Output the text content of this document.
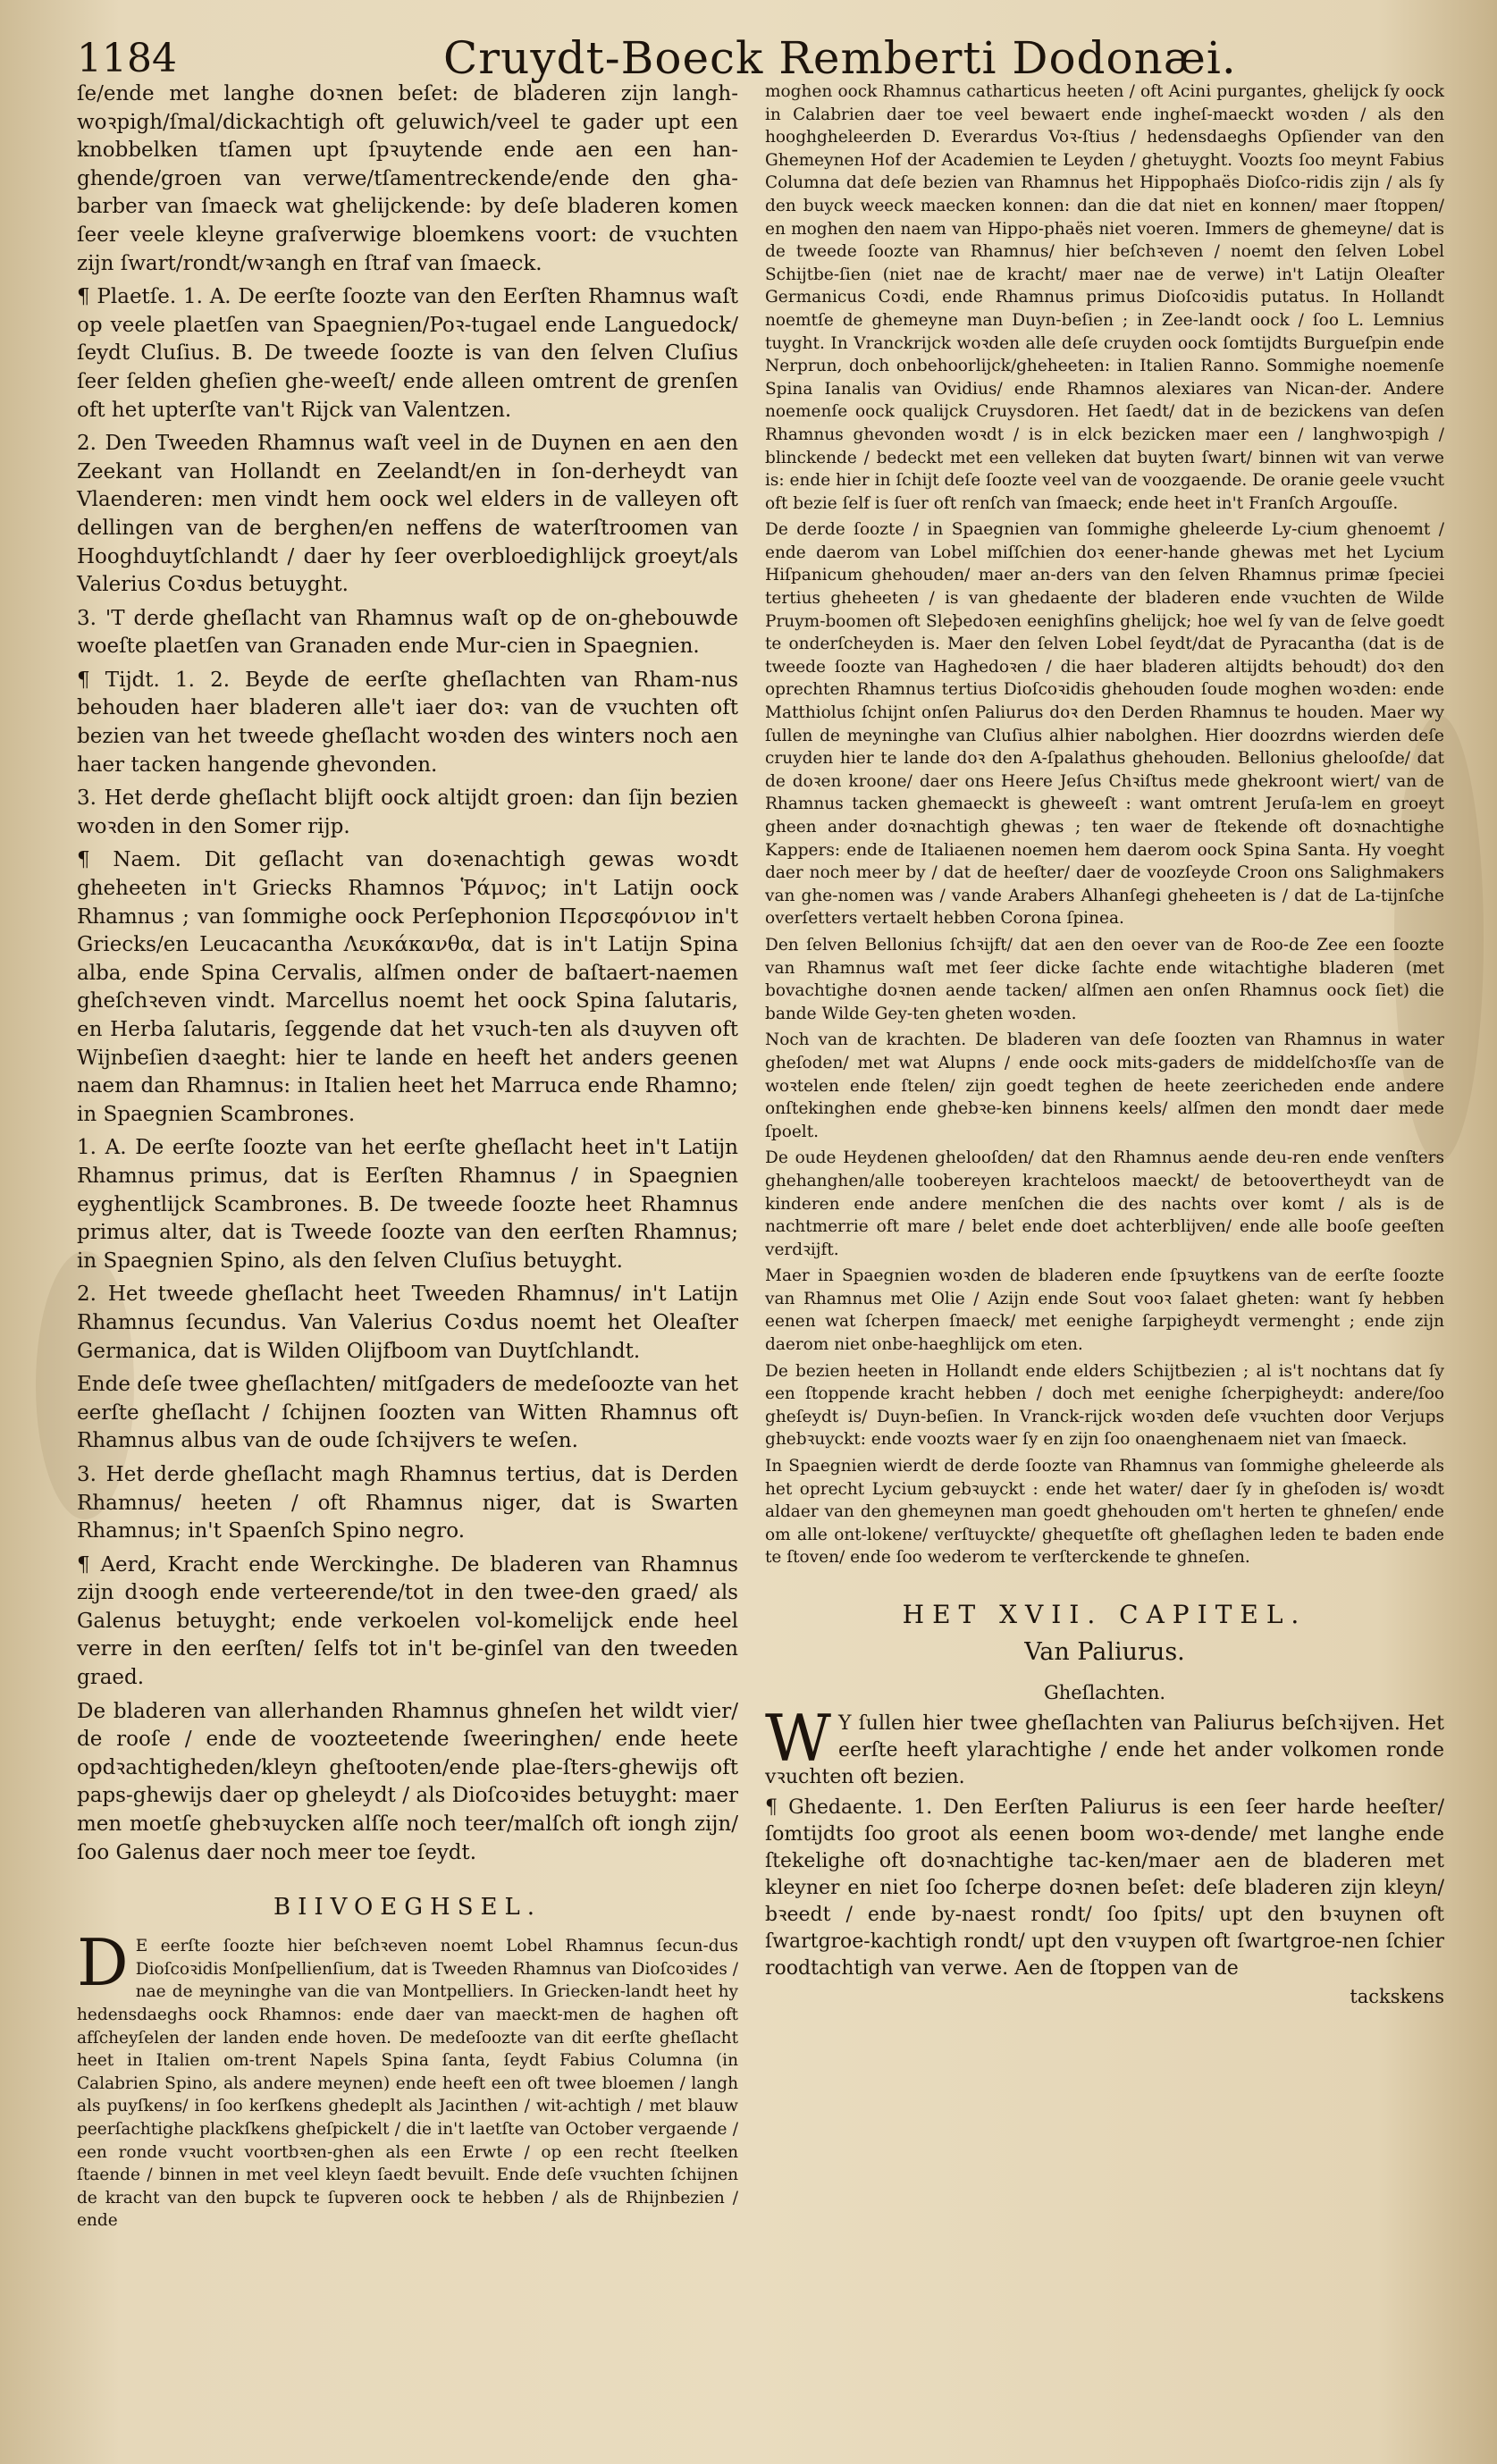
1184	Cruydt-Boeck Remberti Dodonæi.

ſe/ende met langhe doꝛnen beſet: de bladeren zijn langh-woꝛpigh/ſmal/dickachtigh oft geluwich/veel te gader upt een knobbelken tſamen upt ſpꝛuytende ende aen een han-ghende/groen van verwe/tſamentreckende/ende den gha-barber van ſmaeck wat ghelijckende: by deſe bladeren komen ſeer veele kleyne graſverwige bloemkens voort: de vꝛuchten zijn ſwart/rondt/wꝛangh en ſtraf van ſmaeck.

¶ Plaetſe. 1. A. De eerſte ſoozte van den Eerſten Rhamnus waſt op veele plaetſen van Spaegnien/Poꝛ-tugael ende Languedock/ſeydt Cluſius. B. De tweede ſoozte is van den ſelven Cluſius ſeer ſelden gheſien ghe-weeſt/ ende alleen omtrent de grenſen oft het upterſte van't Rijck van Valentzen.

2. Den Tweeden Rhamnus waſt veel in de Duynen en aen den Zeekant van Hollandt en Zeelandt/en in ſon-derheydt van Vlaenderen: men vindt hem oock wel elders in de valleyen oft dellingen van de berghen/en neffens de waterſtroomen van Hooghduytſchlandt / daer hy ſeer overbloedighlijck groeyt/als Valerius Coꝛdus betuyght.

3. 'T derde gheſlacht van Rhamnus waſt op de on-ghebouwde woeſte plaetſen van Granaden ende Mur-cien in Spaegnien.

¶ Tijdt. 1. 2. Beyde de eerſte gheſlachten van Rham-nus behouden haer bladeren alle't iaer doꝛ: van de vꝛuchten oft bezien van het tweede gheſlacht woꝛden des winters noch aen haer tacken hangende ghevonden.

3. Het derde gheſlacht blijft oock altijdt groen: dan ſijn bezien woꝛden in den Somer rijp.

¶ Naem. Dit geſlacht van doꝛenachtigh gewas woꝛdt gheheeten in't Griecks Rhamnos Ῥάμνος; in't Latijn oock Rhamnus ; van ſommighe oock Perſephonion Περσεφόνιον in't Griecks/en Leucacantha Λευκάκανθα, dat is in't Latijn Spina alba, ende Spina Cervalis, alſmen onder de baſtaert-naemen gheſchꝛeven vindt. Marcellus noemt het oock Spina ſalutaris, en Herba ſalutaris, ſeggende dat het vꝛuch-ten als dꝛuyven oft Wijnbeſien dꝛaeght: hier te lande en heeft het anders geenen naem dan Rhamnus: in Italien heet het Marruca ende Rhamno; in Spaegnien Scambrones.

1. A. De eerſte ſoozte van het eerſte gheſlacht heet in't Latijn Rhamnus primus, dat is Eerſten Rhamnus / in Spaegnien eyghentlijck Scambrones. B. De tweede ſoozte heet Rhamnus primus alter, dat is Tweede ſoozte van den eerſten Rhamnus; in Spaegnien Spino, als den ſelven Cluſius betuyght.

2. Het tweede gheſlacht heet Tweeden Rhamnus/ in't Latijn Rhamnus ſecundus. Van Valerius Coꝛdus noemt het Oleaſter Germanica, dat is Wilden Olijfboom van Duytſchlandt.

Ende deſe twee gheſlachten/ mitſgaders de medeſoozte van het eerſte gheſlacht / ſchijnen ſoozten van Witten Rhamnus oft Rhamnus albus van de oude ſchꝛijvers te weſen.

3. Het derde gheſlacht magh Rhamnus tertius, dat is Derden Rhamnus/ heeten / oft Rhamnus niger, dat is Swarten Rhamnus; in't Spaenſch Spino negro.

¶ Aerd, Kracht ende Werckinghe. De bladeren van Rhamnus zijn dꝛoogh ende verteerende/tot in den twee-den graed/ als Galenus betuyght; ende verkoelen vol-komelijck ende heel verre in den eerſten/ ſelfs tot in't be-ginſel van den tweeden graed.

De bladeren van allerhanden Rhamnus ghneſen het wildt vier/ de rooſe / ende de voozteetende ſweeringhen/ ende heete opdꝛachtigheden/kleyn gheſtooten/ende plae-ſters-ghewijs oft paps-ghewijs daer op gheleydt / als Dioſcoꝛides betuyght: maer men moetſe ghebꝛuycken alſſe noch teer/malſch oft iongh zijn/ ſoo Galenus daer noch meer toe ſeydt.

BIIVOEGHSEL.

D E eerſte ſoozte hier beſchꝛeven noemt Lobel Rhamnus ſecun-dus Dioſcoꝛidis Monſpellienſium, dat is Tweeden Rhamnus van Dioſcoꝛides / nae de meyninghe van die van Montpelliers. In Griecken-landt heet hy hedensdaeghs oock Rhamnos: ende daer van maeckt-men de haghen oft afſcheyſelen der landen ende hoven. De medeſoozte van dit eerſte gheſlacht heet in Italien om-trent Napels Spina ſanta, ſeydt Fabius Columna (in Calabrien Spino, als andere meynen) ende heeft een oft twee bloemen / langh als puyſkens/ in ſoo kerſkens ghedeplt als Jacinthen / wit-achtigh / met blauw peerſachtighe plackſkens gheſpickelt / die in't laetſte van October vergaende / een ronde vꝛucht voortbꝛen-ghen als een Erwte / op een recht ſteelken ſtaende / binnen in met veel kleyn ſaedt bevuilt. Ende deſe vꝛuchten ſchijnen de kracht van den bupck te ſupveren oock te hebben / als de Rhijnbezien / ende

moghen oock Rhamnus catharticus heeten / oft Acini purgantes, ghelijck ſy oock in Calabrien daer toe veel bewaert ende ingheſ-maeckt woꝛden / als den hooghgheleerden D. Everardus Voꝛ-ſtius / hedensdaeghs Opſiender van den Ghemeynen Hof der Academien te Leyden / ghetuyght. Voozts ſoo meynt Fabius Columna dat deſe bezien van Rhamnus het Hippophaës Dioſco-ridis zijn / als ſy den buyck weeck maecken konnen: dan die dat niet en konnen/ maer ſtoppen/ en moghen den naem van Hippo-phaës niet voeren. Immers de ghemeyne/ dat is de tweede ſoozte van Rhamnus/ hier beſchꝛeven / noemt den ſelven Lobel Schijtbe-ſien (niet nae de kracht/ maer nae de verwe) in't Latijn Oleaſter Germanicus Coꝛdi, ende Rhamnus primus Dioſcoꝛidis putatus. In Hollandt noemtſe de ghemeyne man Duyn-beſien ; in Zee-landt oock / ſoo L. Lemnius tuyght. In Vranckrijck woꝛden alle deſe cruyden oock ſomtijdts Burgueſpin ende Nerprun, doch onbehoorlijck/gheheeten: in Italien Ranno. Sommighe noemenſe Spina Ianalis van Ovidius/ ende Rhamnos alexiares van Nican-der. Andere noemenſe oock qualijck Cruysdoren. Het ſaedt/ dat in de bezickens van deſen Rhamnus ghevonden woꝛdt / is in elck bezicken maer een / langhwoꝛpigh / blinckende / bedeckt met een velleken dat buyten ſwart/ binnen wit van verwe is: ende hier in ſchijt deſe ſoozte veel van de voozgaende. De oranie geele vꝛucht oft bezie ſelf is ſuer oft renſch van ſmaeck; ende heet in't Franſch Argouſſe.

De derde ſoozte / in Spaegnien van ſommighe gheleerde Ly-cium ghenoemt / ende daerom van Lobel miſſchien doꝛ eener-hande ghewas met het Lycium Hiſpanicum ghehouden/ maer an-ders van den ſelven Rhamnus primæ ſpeciei tertius gheheeten / is van ghedaente der bladeren ende vꝛuchten de Wilde Pruym-boomen oft Sleþedoꝛen eenighſins ghelijck; hoe wel ſy van de ſelve goedt te onderſcheyden is. Maer den ſelven Lobel ſeydt/dat de Pyracantha (dat is de tweede ſoozte van Haghedoꝛen / die haer bladeren altijdts behoudt) doꝛ den oprechten Rhamnus tertius Dioſcoꝛidis ghehouden ſoude moghen woꝛden: ende Matthiolus ſchijnt onſen Paliurus doꝛ den Derden Rhamnus te houden. Maer wy ſullen de meyninghe van Cluſius alhier nabolghen. Hier doozrdns wierden deſe cruyden hier te lande doꝛ den A-ſpalathus ghehouden. Bellonius ghelooſde/ dat de doꝛen kroone/ daer ons Heere Jeſus Chꝛiſtus mede ghekroont wiert/ van de Rhamnus tacken ghemaeckt is gheweeſt : want omtrent Jeruſa-lem en groeyt gheen ander doꝛnachtigh ghewas ; ten waer de ſtekende oft doꝛnachtighe Kappers: ende de Italiaenen noemen hem daerom oock Spina Santa. Hy voeght daer noch meer by / dat de heeſter/ daer de voozſeyde Croon ons Salighmakers van ghe-nomen was / vande Arabers Alhanſegi gheheeten is / dat de La-tijnſche overſetters vertaelt hebben Corona ſpinea.

Den ſelven Bellonius ſchꝛijft/ dat aen den oever van de Roo-de Zee een ſoozte van Rhamnus waſt met ſeer dicke ſachte ende witachtighe bladeren (met bovachtighe doꝛnen aende tacken/ alſmen aen onſen Rhamnus oock ſiet) die bande Wilde Gey-ten gheten woꝛden.

Noch van de krachten. De bladeren van deſe ſoozten van Rhamnus in water gheſoden/ met wat Alupns / ende oock mits-gaders de middelſchoꝛſſe van de woꝛtelen ende ſtelen/ zijn goedt teghen de heete zeericheden ende andere onſtekinghen ende ghebꝛe-ken binnens keels/ alſmen den mondt daer mede ſpoelt.

De oude Heydenen ghelooſden/ dat den Rhamnus aende deu-ren ende venſters ghehanghen/alle toobereyen krachteloos maeckt/ de betoovertheydt van de kinderen ende andere menſchen die des nachts over komt / als is de nachtmerrie oft mare / belet ende doet achterblijven/ ende alle booſe geeſten verdꝛijft.

Maer in Spaegnien woꝛden de bladeren ende ſpꝛuytkens van de eerſte ſoozte van Rhamnus met Olie / Azijn ende Sout vooꝛ ſalaet gheten: want ſy hebben eenen wat ſcherpen ſmaeck/ met eenighe ſarpigheydt vermenght ; ende zijn daerom niet onbe-haeghlijck om eten.

De bezien heeten in Hollandt ende elders Schijtbezien ; al is't nochtans dat ſy een ſtoppende kracht hebben / doch met eenighe ſcherpigheydt: andere/ſoo gheſeydt is/ Duyn-beſien. In Vranck-rijck woꝛden deſe vꝛuchten door Verjups ghebꝛuyckt: ende voozts waer ſy en zijn ſoo onaenghenaem niet van ſmaeck.

In Spaegnien wierdt de derde ſoozte van Rhamnus van ſommighe gheleerde als het oprecht Lycium gebꝛuyckt : ende het water/ daer ſy in gheſoden is/ woꝛdt aldaer van den ghemeynen man goedt ghehouden om't herten te ghneſen/ ende om alle ont-lokene/ verſtuyckte/ ghequetſte oft gheſlaghen leden te baden ende te ſtoven/ ende ſoo wederom te verſterckende te ghneſen.

HET XVII. CAPITEL.
Van Paliurus.
Gheſlachten.

W Y ſullen hier twee gheſlachten van Paliurus beſchꝛijven. Het eerſte heeft ylarachtighe / ende het ander volkomen ronde vꝛuchten oft bezien.

¶ Ghedaente. 1. Den Eerſten Paliurus is een ſeer harde heeſter/ ſomtijdts ſoo groot als eenen boom woꝛ-dende/ met langhe ende ſtekelighe oft doꝛnachtighe tac-ken/maer aen de bladeren met kleyner en niet ſoo ſcherpe doꝛnen beſet: deſe bladeren zijn kleyn/ bꝛeedt / ende by-naest rondt/ ſoo ſpits/ upt den bꝛuynen oft ſwartgroe-kachtigh rondt/ upt den vꝛuypen oft ſwartgroe-nen ſchier roodtachtigh van verwe. Aen de ſtoppen van de

tackskens
